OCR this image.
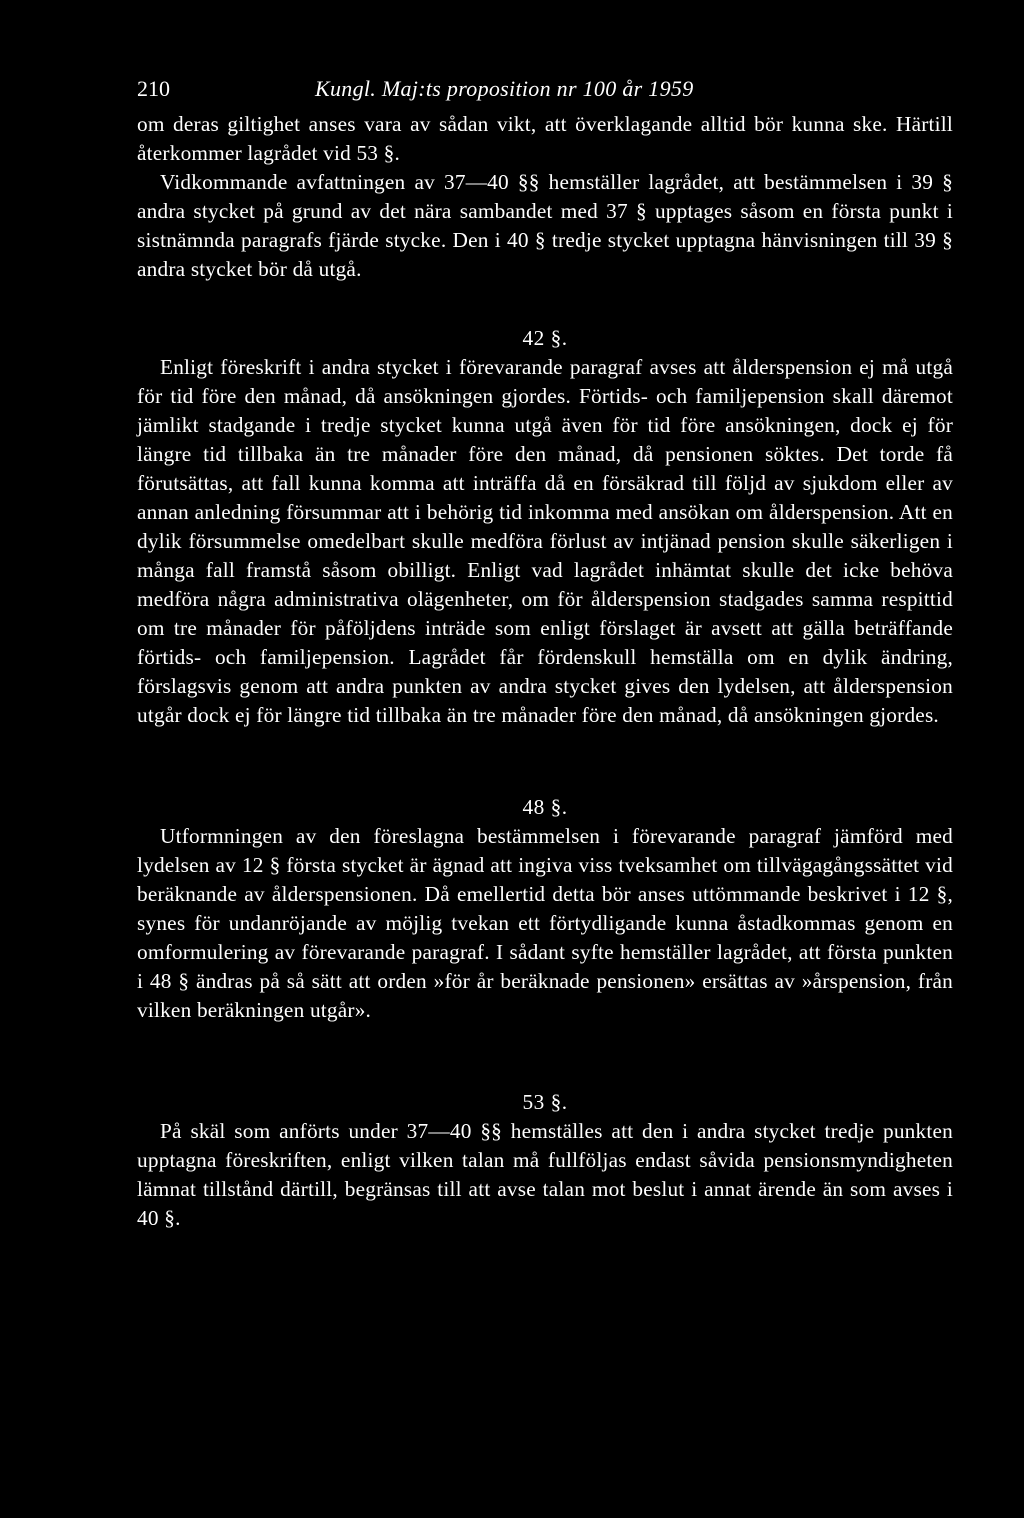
210	Kungl. Maj:ts proposition nr 100 år 1959

om deras giltighet anses vara av sådan vikt, att överklagande alltid bör kunna ske. Härtill återkommer lagrådet vid 53 §.

Vidkommande avfattningen av 37—40 §§ hemställer lagrådet, att bestämmelsen i 39 § andra stycket på grund av det nära sambandet med 37 § upptages såsom en första punkt i sistnämnda paragrafs fjärde stycke. Den i 40 § tredje stycket upptagna hänvisningen till 39 § andra stycket bör då utgå.

42 §.

Enligt föreskrift i andra stycket i förevarande paragraf avses att ålderspension ej må utgå för tid före den månad, då ansökningen gjordes. Förtids- och familjepension skall däremot jämlikt stadgande i tredje stycket kunna utgå även för tid före ansökningen, dock ej för längre tid tillbaka än tre månader före den månad, då pensionen söktes. Det torde få förutsättas, att fall kunna komma att inträffa då en försäkrad till följd av sjukdom eller av annan anledning försummar att i behörig tid inkomma med ansökan om ålderspension. Att en dylik försummelse omedelbart skulle medföra förlust av intjänad pension skulle säkerligen i många fall framstå såsom obilligt. Enligt vad lagrådet inhämtat skulle det icke behöva medföra några administrativa olägenheter, om för ålderspension stadgades samma respittid om tre månader för påföljdens inträde som enligt förslaget är avsett att gälla beträffande förtids- och familjepension. Lagrådet får fördenskull hemställa om en dylik ändring, förslagsvis genom att andra punkten av andra stycket gives den lydelsen, att ålderspension utgår dock ej för längre tid tillbaka än tre månader före den månad, då ansökningen gjordes.

48 §.

Utformningen av den föreslagna bestämmelsen i förevarande paragraf jämförd med lydelsen av 12 § första stycket är ägnad att ingiva viss tveksamhet om tillvägagångssättet vid beräknande av ålderspensionen. Då emellertid detta bör anses uttömmande beskrivet i 12 §, synes för undanröjande av möjlig tvekan ett förtydligande kunna åstadkommas genom en omformulering av förevarande paragraf. I sådant syfte hemställer lagrådet, att första punkten i 48 § ändras på så sätt att orden »för år beräknade pensionen» ersättas av »årspension, från vilken beräkningen utgår».

53 §.

På skäl som anförts under 37—40 §§ hemställes att den i andra stycket tredje punkten upptagna föreskriften, enligt vilken talan må fullföljas endast såvida pensionsmyndigheten lämnat tillstånd därtill, begränsas till att avse talan mot beslut i annat ärende än som avses i 40 §.
